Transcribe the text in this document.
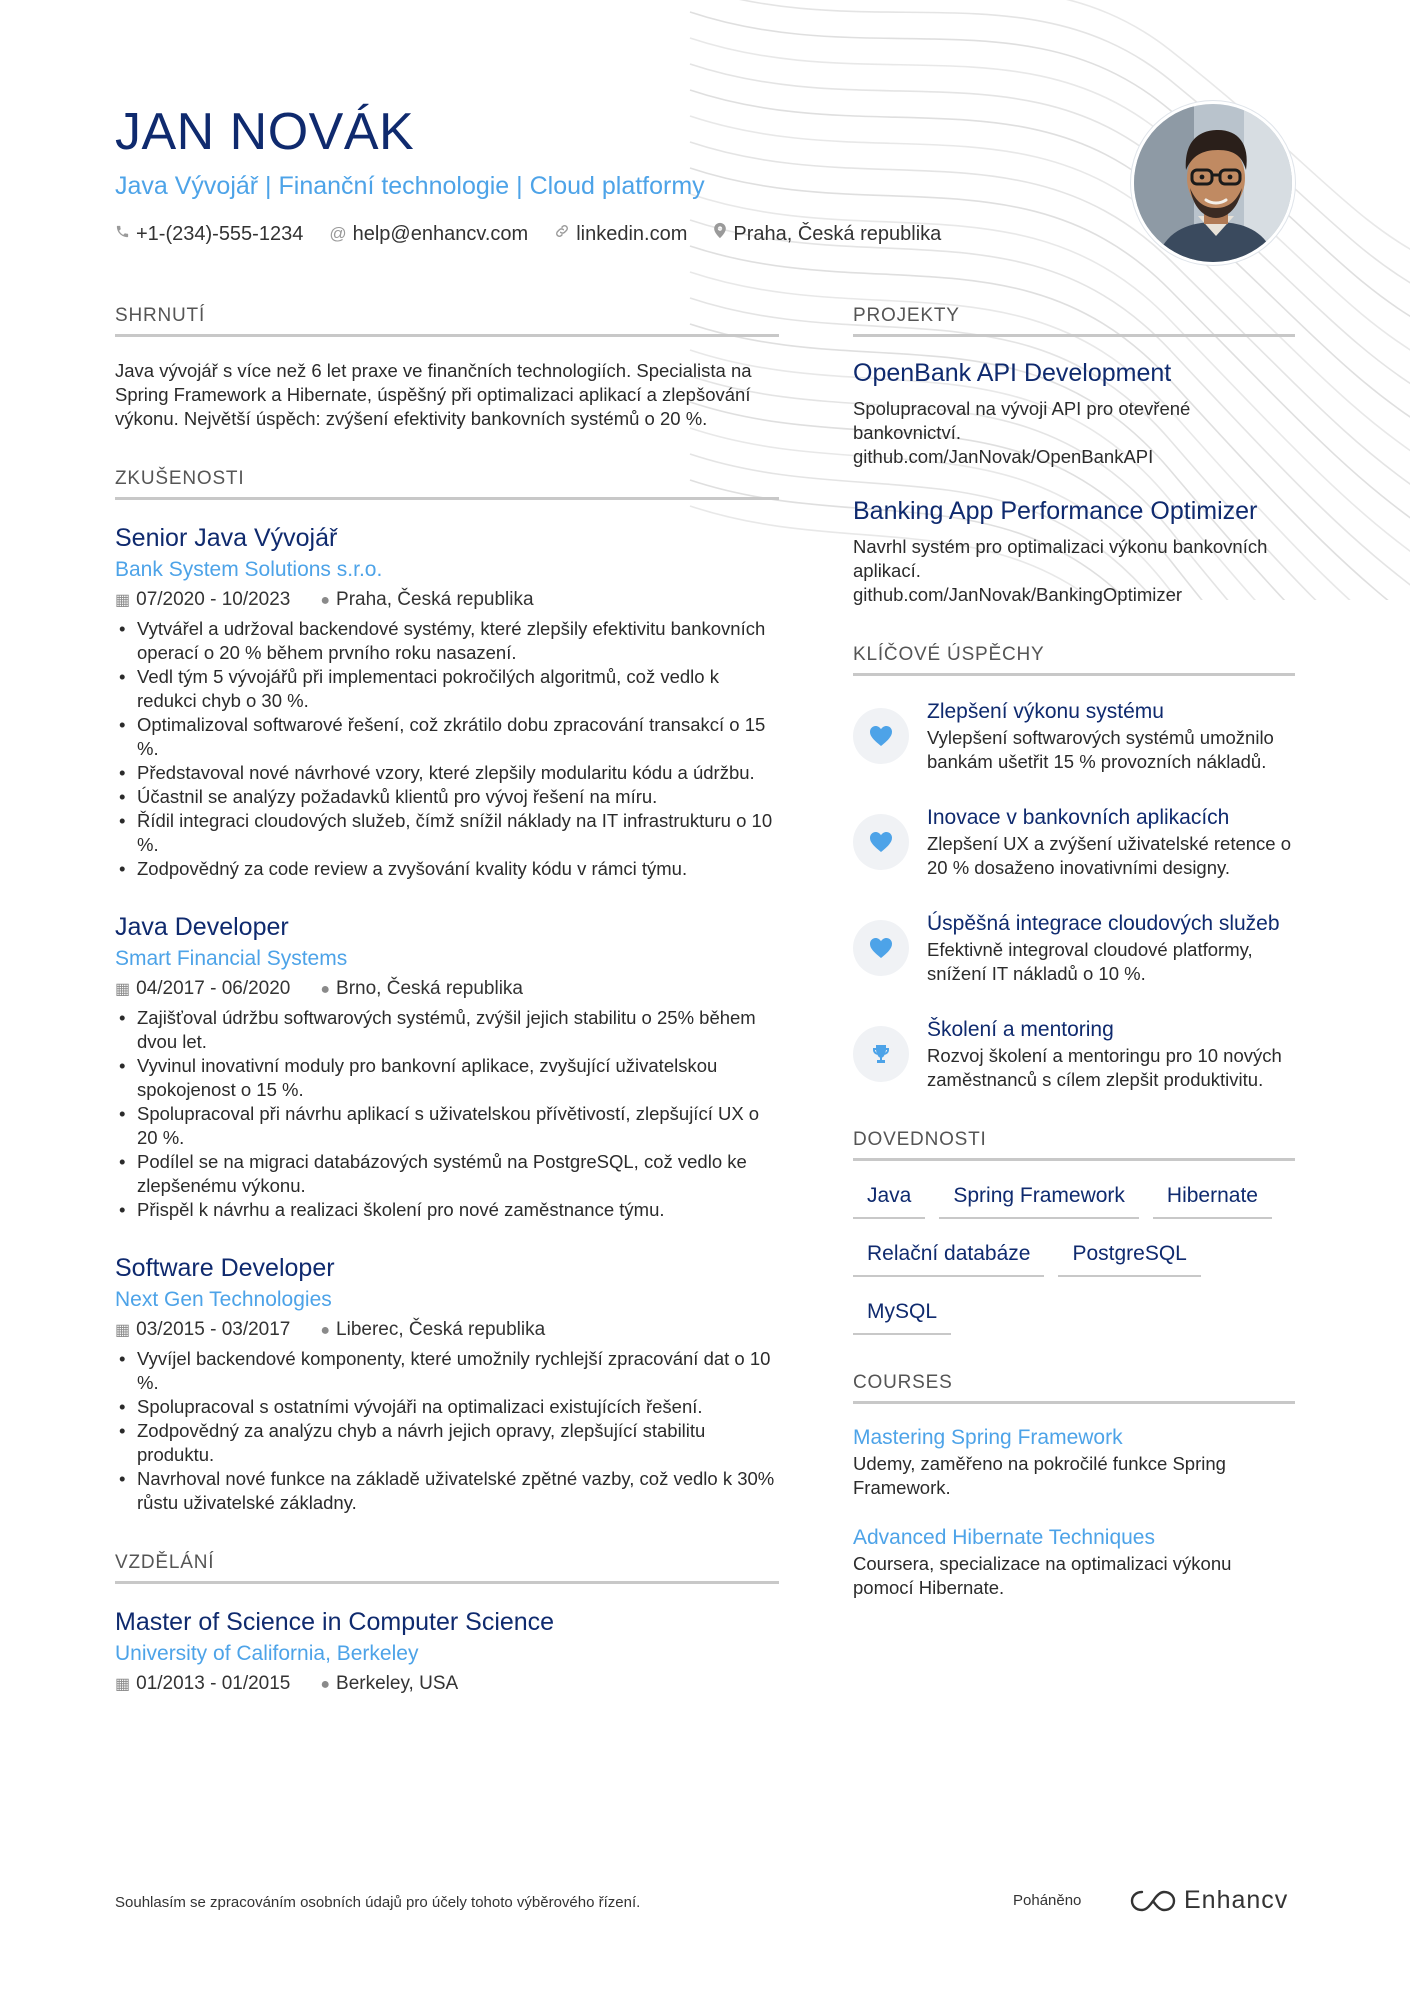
JAN NOVÁK
Java Vývojář | Finanční technologie | Cloud platformy
+1-(234)-555-1234 @ help@enhancv.com linkedin.com Praha, Česká republika
SHRNUTÍ

Java vývojář s více než 6 let praxe ve finančních technologiích. Specialista na Spring Framework a Hibernate, úspěšný při optimalizaci aplikací a zlepšování výkonu. Největší úspěch: zvýšení efektivity bankovních systémů o 20 %.

ZKUŠENOSTI
Senior Java Vývojář
Bank System Solutions s.r.o.
▦ 07/2020 - 10/2023 ● Praha, Česká republika
• Vytvářel a udržoval backendové systémy, které zlepšily efektivitu bankovních operací o 20 % během prvního roku nasazení.
• Vedl tým 5 vývojářů při implementaci pokročilých algoritmů, což vedlo k redukci chyb o 30 %.
• Optimalizoval softwarové řešení, což zkrátilo dobu zpracování transakcí o 15 %.
• Představoval nové návrhové vzory, které zlepšily modularitu kódu a údržbu.
• Účastnil se analýzy požadavků klientů pro vývoj řešení na míru.
• Řídil integraci cloudových služeb, čímž snížil náklady na IT infrastrukturu o 10 %.
• Zodpovědný za code review a zvyšování kvality kódu v rámci týmu.
Java Developer
Smart Financial Systems
▦ 04/2017 - 06/2020 ● Brno, Česká republika
• Zajišťoval údržbu softwarových systémů, zvýšil jejich stabilitu o 25% během dvou let.
• Vyvinul inovativní moduly pro bankovní aplikace, zvyšující uživatelskou spokojenost o 15 %.
• Spolupracoval při návrhu aplikací s uživatelskou přívětivostí, zlepšující UX o 20 %.
• Podílel se na migraci databázových systémů na PostgreSQL, což vedlo ke zlepšenému výkonu.
• Přispěl k návrhu a realizaci školení pro nové zaměstnance týmu.
Software Developer
Next Gen Technologies
▦ 03/2015 - 03/2017 ● Liberec, Česká republika
• Vyvíjel backendové komponenty, které umožnily rychlejší zpracování dat o 10 %.
• Spolupracoval s ostatními vývojáři na optimalizaci existujících řešení.
• Zodpovědný za analýzu chyb a návrh jejich opravy, zlepšující stabilitu produktu.
• Navrhoval nové funkce na základě uživatelské zpětné vazby, což vedlo k 30% růstu uživatelské základny.
VZDĚLÁNÍ
Master of Science in Computer Science
University of California, Berkeley
▦ 01/2013 - 01/2015 ● Berkeley, USA
PROJEKTY
OpenBank API Development
Spolupracoval na vývoji API pro otevřené bankovnictví.
github.com/JanNovak/OpenBankAPI
Banking App Performance Optimizer
Navrhl systém pro optimalizaci výkonu bankovních aplikací.
github.com/JanNovak/BankingOptimizer
KLÍČOVÉ ÚSPĚCHY
Zlepšení výkonu systému
Vylepšení softwarových systémů umožnilo bankám ušetřit 15 % provozních nákladů.
Inovace v bankovních aplikacích
Zlepšení UX a zvýšení uživatelské retence o 20 % dosaženo inovativními designy.
Úspěšná integrace cloudových služeb
Efektivně integroval cloudové platformy, snížení IT nákladů o 10 %.
Školení a mentoring
Rozvoj školení a mentoringu pro 10 nových zaměstnanců s cílem zlepšit produktivitu.
DOVEDNOSTI
Java	Spring Framework	Hibernate
Relační databáze	PostgreSQL
MySQL
COURSES
Mastering Spring Framework
Udemy, zaměřeno na pokročilé funkce Spring Framework.
Advanced Hibernate Techniques
Coursera, specializace na optimalizaci výkonu pomocí Hibernate.
Souhlasím se zpracováním osobních údajů pro účely tohoto výběrového řízení.	Poháněno	Enhancv
